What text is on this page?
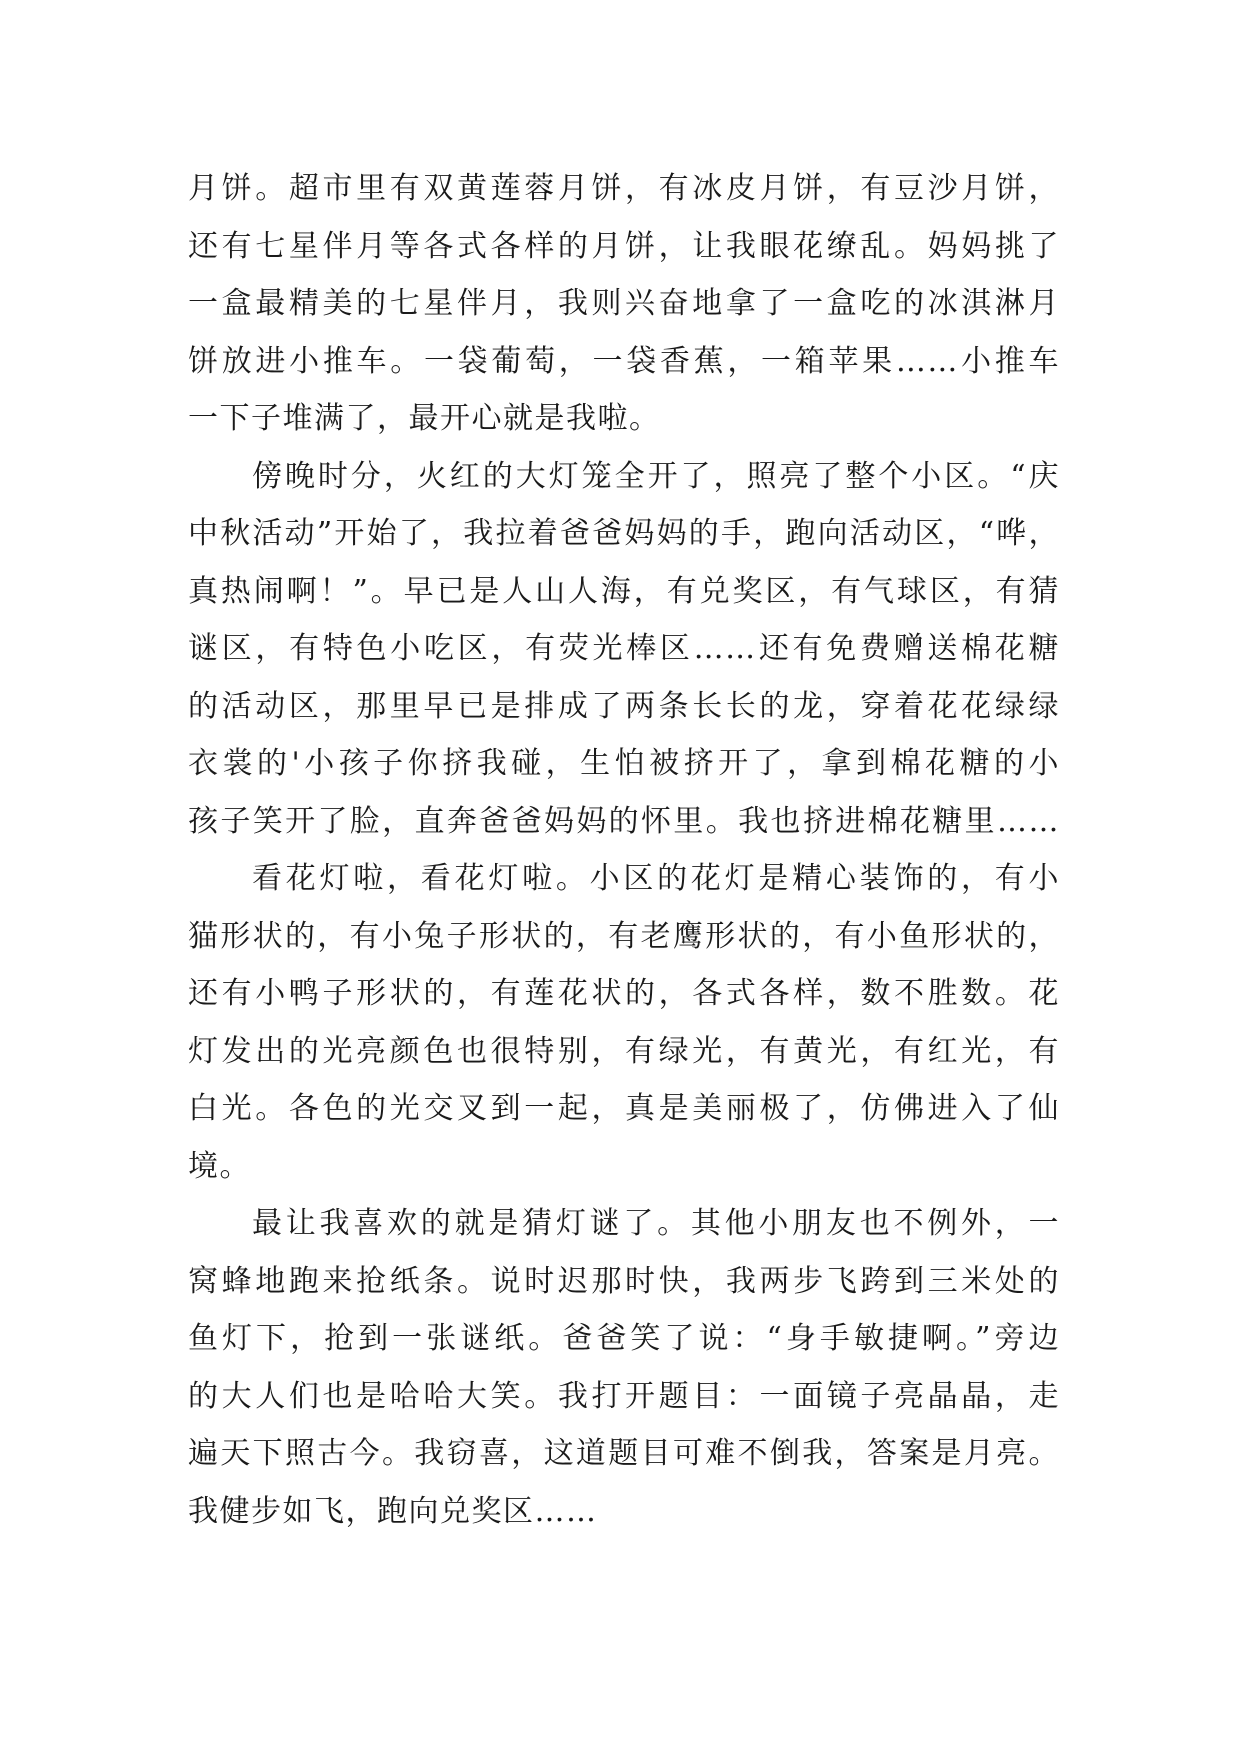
月饼。超市里有双黄莲蓉月饼，有冰皮月饼，有豆沙月饼，
还有七星伴月等各式各样的月饼，让我眼花缭乱。妈妈挑了
一盒最精美的七星伴月，我则兴奋地拿了一盒吃的冰淇淋月
饼放进小推车。一袋葡萄，一袋香蕉，一箱苹果……小推车
一下子堆满了，最开心就是我啦。
傍晚时分，火红的大灯笼全开了，照亮了整个小区。“庆
中秋活动”开始了，我拉着爸爸妈妈的手，跑向活动区，“哗，
真热闹啊！”。早已是人山人海，有兑奖区，有气球区，有猜
谜区，有特色小吃区，有荧光棒区……还有免费赠送棉花糖
的活动区，那里早已是排成了两条长长的龙，穿着花花绿绿
衣裳的'小孩子你挤我碰，生怕被挤开了，拿到棉花糖的小
孩子笑开了脸，直奔爸爸妈妈的怀里。我也挤进棉花糖里……
看花灯啦，看花灯啦。小区的花灯是精心装饰的，有小
猫形状的，有小兔子形状的，有老鹰形状的，有小鱼形状的，
还有小鸭子形状的，有莲花状的，各式各样，数不胜数。花
灯发出的光亮颜色也很特别，有绿光，有黄光，有红光，有
白光。各色的光交叉到一起，真是美丽极了，仿佛进入了仙
境。
最让我喜欢的就是猜灯谜了。其他小朋友也不例外，一
窝蜂地跑来抢纸条。说时迟那时快，我两步飞跨到三米处的
鱼灯下，抢到一张谜纸。爸爸笑了说：“身手敏捷啊。”旁边
的大人们也是哈哈大笑。我打开题目：一面镜子亮晶晶，走
遍天下照古今。我窃喜，这道题目可难不倒我，答案是月亮。
我健步如飞，跑向兑奖区……
